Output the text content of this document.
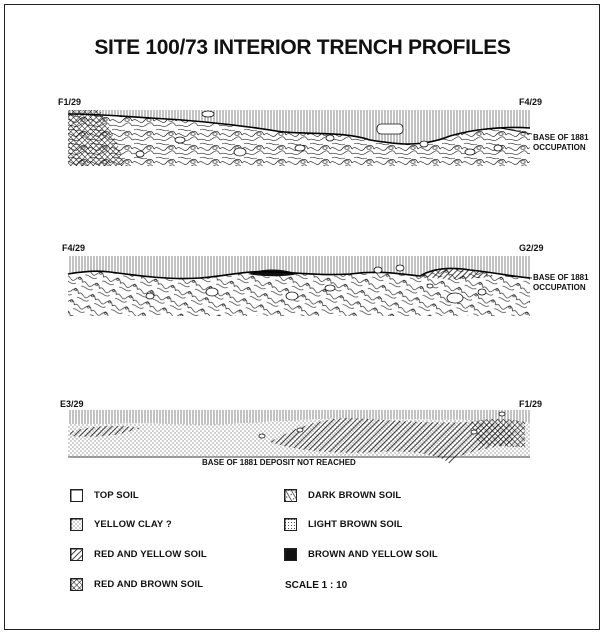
SITE 100/73 INTERIOR TRENCH PROFILES
F1/29	F4/29
BASE OF 1881
OCCUPATION
F4/29	G2/29
BASE OF 1881
OCCUPATION
E3/29	F1/29
BASE OF 1881 DEPOSIT NOT REACHED
TOP SOIL	DARK BROWN SOIL
YELLOW CLAY ?	LIGHT BROWN SOIL
RED AND YELLOW SOIL	BROWN AND YELLOW SOIL
RED AND BROWN SOIL	SCALE 1 : 10
